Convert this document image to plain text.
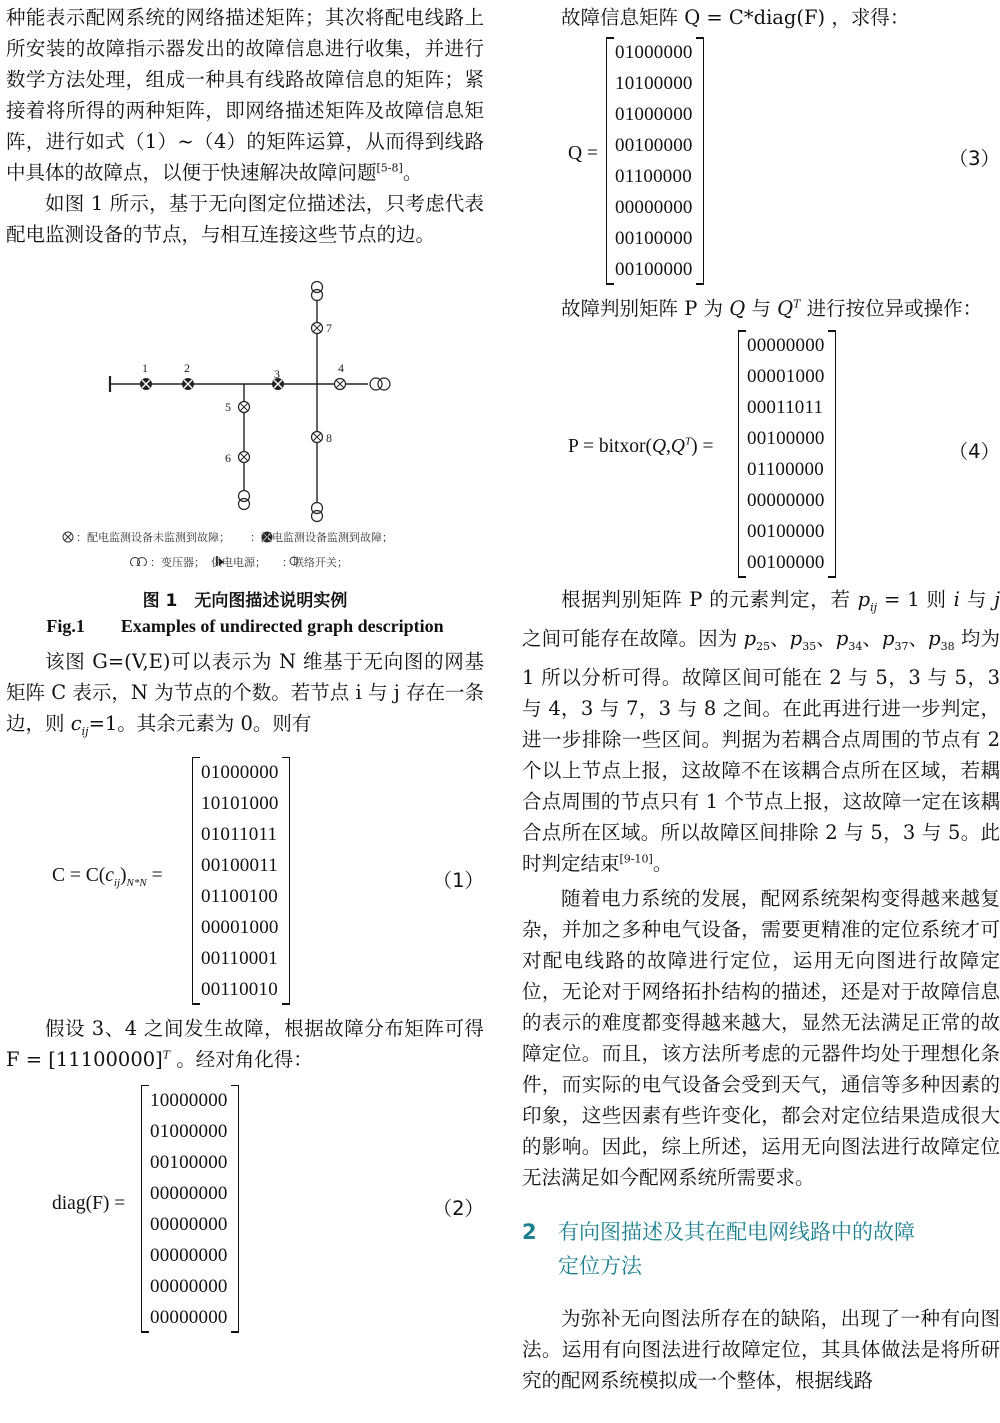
种能表示配网系统的网络描述矩阵；其次将配电线路上所安装的故障指示器发出的故障信息进行收集，并进行数学方法处理，组成一种具有线路故障信息的矩阵；紧接着将所得的两种矩阵，即网络描述矩阵及故障信息矩阵，进行如式（1）~（4）的矩阵运算，从而得到线路中具体的故障点，以便于快速解决故障问题[5-8]。

如图 1 所示，基于无向图定位描述法，只考虑代表配电监测设备的节点，与相互连接这些节点的边。

1	2	3	4
5
6
7
8
：配电监测设备未监测到故障； ：配电监测设备监测到故障；
：变压器； 供电电源； ：联络开关；
图 1　无向图描述说明实例
Fig.1　　Examples of undirected graph description

该图 G=(V,E)可以表示为 N 维基于无向图的网基矩阵 C 表示，N 为节点的个数。若节点 i 与 j 存在一条边，则 $c_{ij}=1$。其余元素为 0。则有

$C = C(c_{ij})_{N*N}$ =
01000000
10101000
01011011
00100011
01100100
00001000
00110001
00110010
（1）

假设 3、4 之间发生故障，根据故障分布矩阵可得 $F = [11100000]^T$ 。经对角化得：

diag(F) =
10000000
01000000
00100000
00000000
00000000
00000000
00000000
00000000
（2）

故障信息矩阵 Q = C*diag(F) ，求得：

Q =
01000000
10100000
01000000
00100000
01100000
00000000
00100000
00100000
（3）

故障判别矩阵 P 为 Q 与 $Q^T$ 进行按位异或操作：

$P = bitxor(Q,Q^T)$ =
00000000
00001000
00011011
00100000
01100000
00000000
00100000
00100000
（4）

根据判别矩阵 P 的元素判定，若 $p_{ij} = 1$ 则 i 与 j 之间可能存在故障。因为 $p_{25}$、$p_{35}$、$p_{34}$、$p_{37}$、$p_{38}$ 均为 1 所以分析可得。故障区间可能在 2 与 5，3 与 5，3 与 4，3 与 7，3 与 8 之间。在此再进行进一步判定，进一步排除一些区间。判据为若耦合点周围的节点有 2 个以上节点上报，这故障不在该耦合点所在区域，若耦合点周围的节点只有 1 个节点上报，这故障一定在该耦合点所在区域。所以故障区间排除 2 与 5，3 与 5。此时判定结束[9-10]。

随着电力系统的发展，配网系统架构变得越来越复杂，并加之多种电气设备，需要更精准的定位系统才可对配电线路的故障进行定位，运用无向图进行故障定位，无论对于网络拓扑结构的描述，还是对于故障信息的表示的难度都变得越来越大，显然无法满足正常的故障定位。而且，该方法所考虑的元器件均处于理想化条件，而实际的电气设备会受到天气，通信等多种因素的印象，这些因素有些许变化，都会对定位结果造成很大的影响。因此，综上所述，运用无向图法进行故障定位无法满足如今配网系统所需要求。

2 有向图描述及其在配电网线路中的故障
定位方法

为弥补无向图法所存在的缺陷，出现了一种有向图法。运用有向图法进行故障定位，其具体做法是将所研究的配网系统模拟成一个整体，根据线路
